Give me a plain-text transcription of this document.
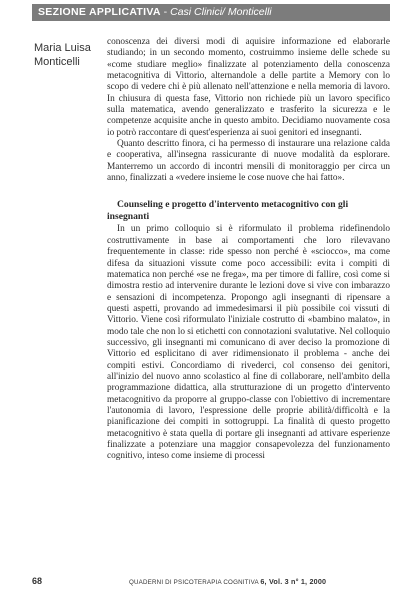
SEZIONE APPLICATIVA - Casi Clinici/ Monticelli
Maria Luisa
Monticelli

conoscenza dei diversi modi di aquisire informazione ed elaborarle studiando; in un secondo momento, costruimmo insieme delle schede su «come studiare meglio» finalizzate al potenziamento della conoscenza metacognitiva di Vittorio, alternandole a delle partite a Memory con lo scopo di vedere chi è più allenato nell'attenzione e nella memoria di lavoro. In chiusura di questa fase, Vittorio non richiede più un lavoro specifico sulla matematica, avendo generalizzato e trasferito la sicurezza e le competenze acquisite anche in questo ambito. Decidiamo nuovamente cosa io potrò raccontare di quest'esperienza ai suoi genitori ed insegnanti.

Quanto descritto finora, ci ha permesso di instaurare una relazione calda e cooperativa, all'insegna rassicurante di nuove modalità da esplorare. Manterremo un accordo di incontri mensili di monitoraggio per circa un anno, finalizzati a «vedere insieme le cose nuove che hai fatto».

Counseling e progetto d'intervento metacognitivo con gli insegnanti

In un primo colloquio si è riformulato il problema ridefinendolo costruttivamente in base ai comportamenti che loro rilevavano frequentemente in classe: ride spesso non perché è «sciocco», ma come difesa da situazioni vissute come poco accessibili: evita i compiti di matematica non perché «se ne frega», ma per timore di fallire, così come si dimostra restio ad intervenire durante le lezioni dove si vive con imbarazzo e sensazioni di incompetenza. Propongo agli insegnanti di ripensare a questi aspetti, provando ad immedesimarsi il più possibile coi vissuti di Vittorio. Viene così riformulato l'iniziale costrutto di «bambino malato», in modo tale che non lo si etichetti con connotazioni svalutative. Nel colloquio successivo, gli insegnanti mi comunicano di aver deciso la promozione di Vittorio ed esplicitano di aver ridimensionato il problema - anche dei compiti estivi. Concordiamo di rivederci, col consenso dei genitori, all'inizio del nuovo anno scolastico al fine di collaborare, nell'ambito della programmazione didattica, alla strutturazione di un progetto d'intervento metacognitivo da proporre al gruppo-classe con l'obiettivo di incrementare l'autonomia di lavoro, l'espressione delle proprie abilità/difficoltà e la pianificazione dei compiti in sottogruppi. La finalità di questo progetto metacognitivo è stata quella di portare gli insegnanti ad attivare esperienze finalizzate a potenziare una maggior consapevolezza del funzionamento cognitivo, inteso come insieme di processi

68	QUADERNI DI PSICOTERAPIA COGNITIVA 6, Vol. 3 n° 1, 2000
